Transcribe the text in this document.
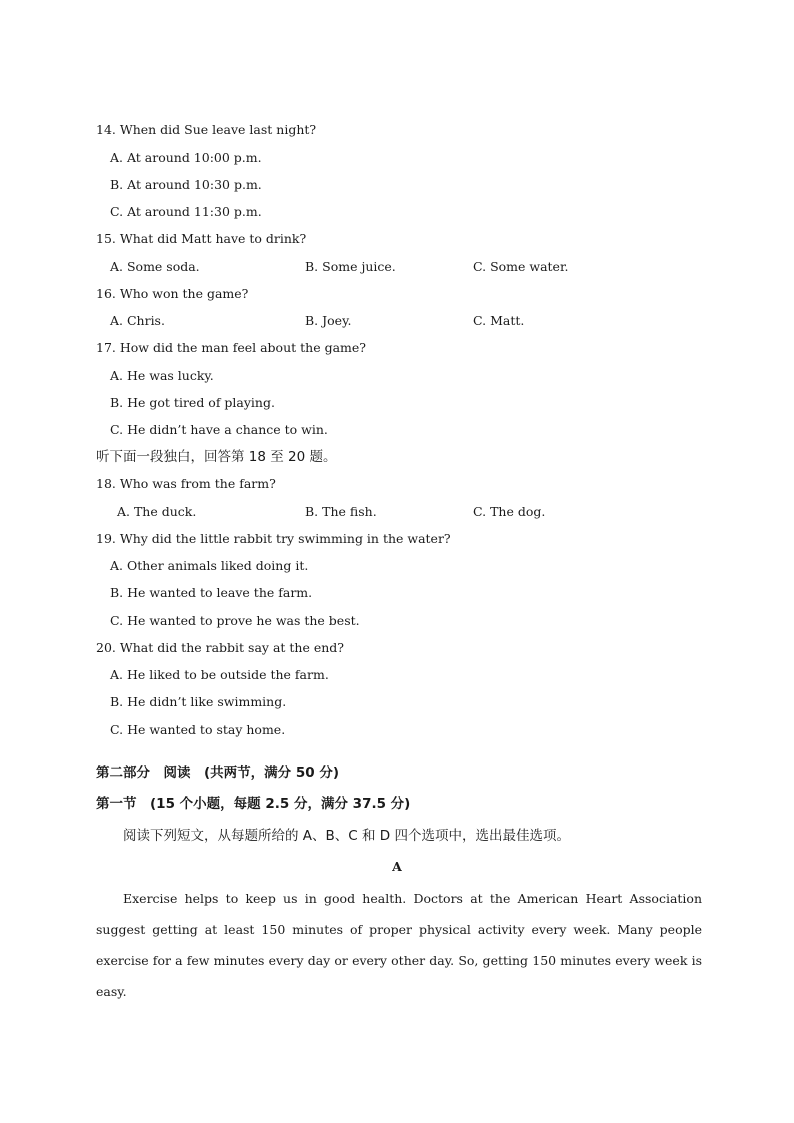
14. When did Sue leave last night?
A. At around 10:00 p.m.
B. At around 10:30 p.m.
C. At around 11:30 p.m.
15. What did Matt have to drink?
A. Some soda.	B. Some juice.	C. Some water.
16. Who won the game?
A. Chris.	B. Joey.	C. Matt.
17. How did the man feel about the game?
A. He was lucky.
B. He got tired of playing.
C. He didn’t have a chance to win.
听下面一段独白，回答第 18 至 20 题。
18. Who was from the farm?
A. The duck.	B. The fish.	C. The dog.
19. Why did the little rabbit try swimming in the water?
A. Other animals liked doing it.
B. He wanted to leave the farm.
C. He wanted to prove he was the best.
20. What did the rabbit say at the end?
A. He liked to be outside the farm.
B. He didn’t like swimming.
C. He wanted to stay home.
第二部分　阅读　(共两节，满分 50 分)
第一节　(15 个小题，每题 2.5 分，满分 37.5 分)
阅读下列短文，从每题所给的 A、B、C 和 D 四个选项中，选出最佳选项。
A
Exercise helps to keep us in good health. Doctors at the American Heart Association suggest getting at least 150 minutes of proper physical activity every week. Many people exercise for a few minutes every day or every other day. So, getting 150 minutes every week is easy.
